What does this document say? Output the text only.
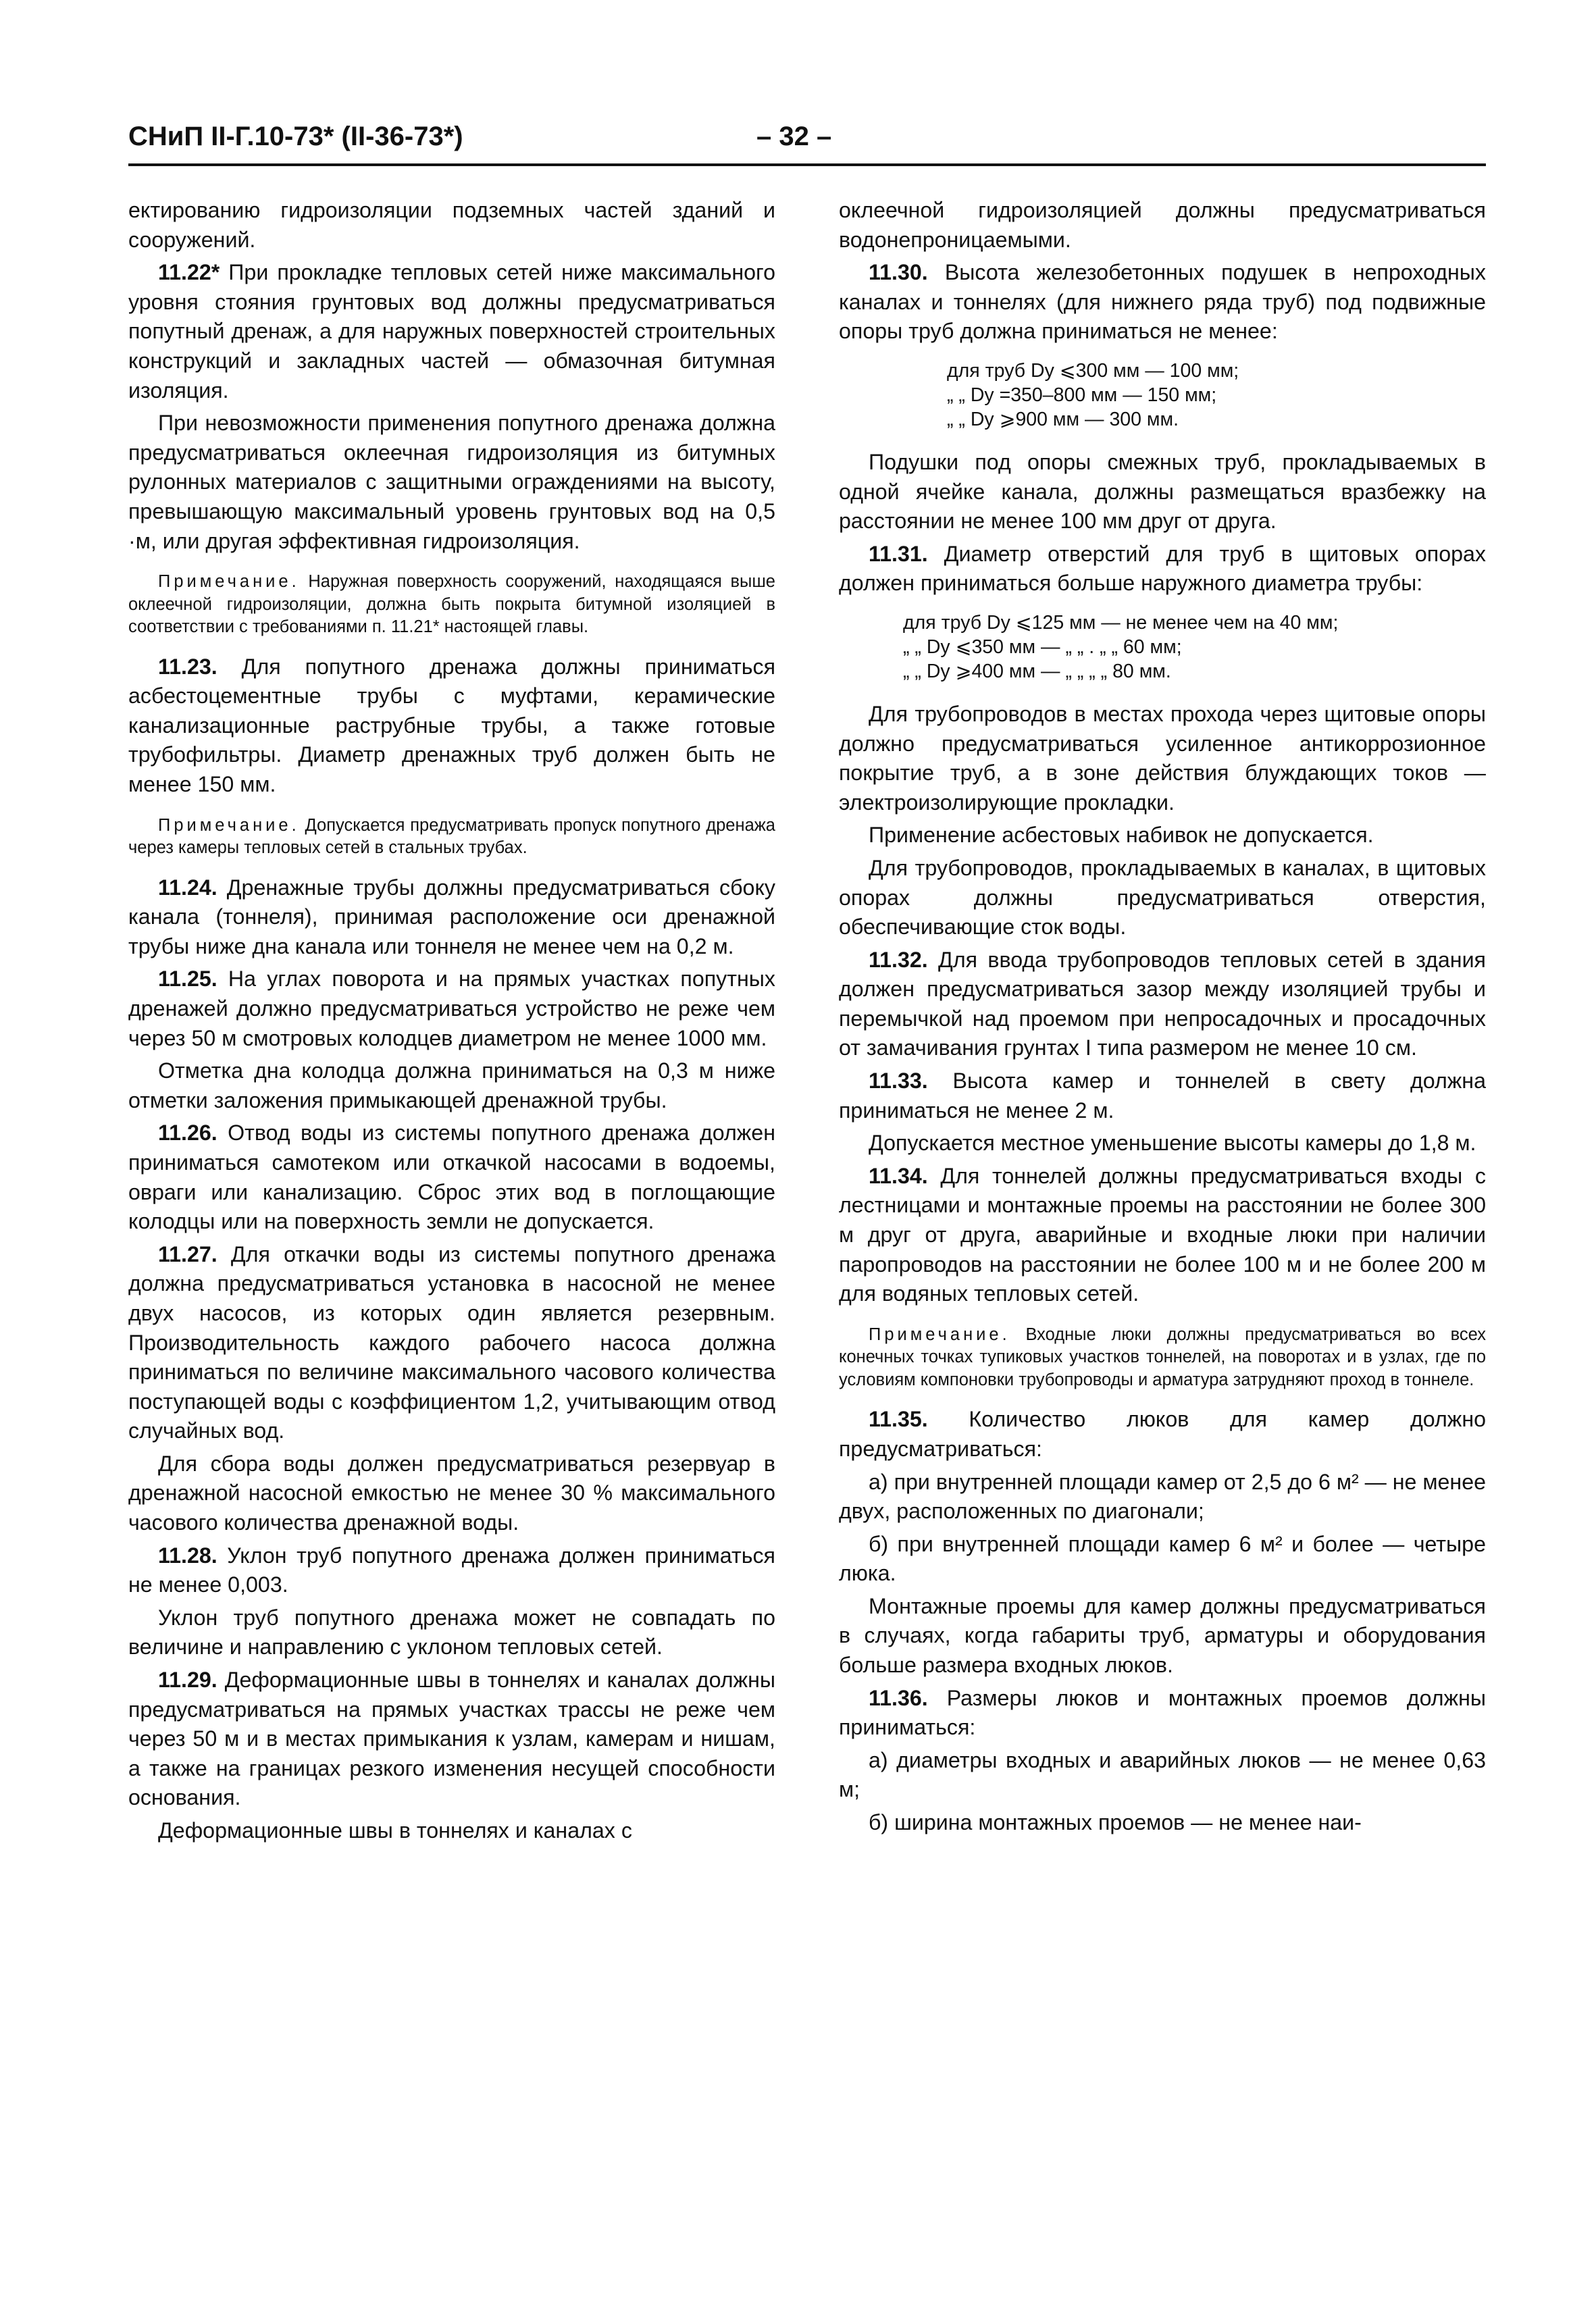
СНиП II-Г.10-73* (II-36-73*)	– 32 –

ектированию гидроизоляции подземных частей зданий и сооружений.

11.22* При прокладке тепловых сетей ниже максимального уровня стояния грунтовых вод должны предусматриваться попутный дренаж, а для наружных поверхностей строительных конструкций и закладных частей — обмазочная битумная изоляция.

При невозможности применения попутного дренажа должна предусматриваться оклеечная гидроизоляция из битумных рулонных материалов с защитными ограждениями на высоту, превышающую максимальный уровень грунтовых вод на 0,5 ·м, или другая эффективная гидроизоляция.

Примечание. Наружная поверхность сооружений, находящаяся выше оклеечной гидроизоляции, должна быть покрыта битумной изоляцией в соответствии с требованиями п. 11.21* настоящей главы.

11.23. Для попутного дренажа должны приниматься асбестоцементные трубы с муфтами, керамические канализационные раструбные трубы, а также готовые трубофильтры. Диаметр дренажных труб должен быть не менее 150 мм.

Примечание. Допускается предусматривать пропуск попутного дренажа через камеры тепловых сетей в стальных трубах.

11.24. Дренажные трубы должны предусматриваться сбоку канала (тоннеля), принимая расположение оси дренажной трубы ниже дна канала или тоннеля не менее чем на 0,2 м.

11.25. На углах поворота и на прямых участках попутных дренажей должно предусматриваться устройство не реже чем через 50 м смотровых колодцев диаметром не менее 1000 мм.

Отметка дна колодца должна приниматься на 0,3 м ниже отметки заложения примыкающей дренажной трубы.

11.26. Отвод воды из системы попутного дренажа должен приниматься самотеком или откачкой насосами в водоемы, овраги или канализацию. Сброс этих вод в поглощающие колодцы или на поверхность земли не допускается.

11.27. Для откачки воды из системы попутного дренажа должна предусматриваться установка в насосной не менее двух насосов, из которых один является резервным. Производительность каждого рабочего насоса должна приниматься по величине максимального часового количества поступающей воды с коэффициентом 1,2, учитывающим отвод случайных вод.

Для сбора воды должен предусматриваться резервуар в дренажной насосной емкостью не менее 30 % максимального часового количества дренажной воды.

11.28. Уклон труб попутного дренажа должен приниматься не менее 0,003.

Уклон труб попутного дренажа может не совпадать по величине и направлению с уклоном тепловых сетей.

11.29. Деформационные швы в тоннелях и каналах должны предусматриваться на прямых участках трассы не реже чем через 50 м и в местах примыкания к узлам, камерам и нишам, а также на границах резкого изменения несущей способности основания.

Деформационные швы в тоннелях и каналах с

оклеечной гидроизоляцией должны предусматриваться водонепроницаемыми.

11.30. Высота железобетонных подушек в непроходных каналах и тоннелях (для нижнего ряда труб) под подвижные опоры труб должна приниматься не менее:

для труб Dу ⩽300 мм — 100 мм;
„ „ Dу =350–800 мм — 150 мм;
„ „ Dу ⩾900 мм — 300 мм.

Подушки под опоры смежных труб, прокладываемых в одной ячейке канала, должны размещаться вразбежку на расстоянии не менее 100 мм друг от друга.

11.31. Диаметр отверстий для труб в щитовых опорах должен приниматься больше наружного диаметра трубы:

для труб Dу ⩽125 мм — не менее чем на 40 мм;
„ „ Dу ⩽350 мм — „ „ . „ „ 60 мм;
„ „ Dу ⩾400 мм — „ „ „ „ 80 мм.

Для трубопроводов в местах прохода через щитовые опоры должно предусматриваться усиленное антикоррозионное покрытие труб, а в зоне действия блуждающих токов — электроизолирующие прокладки.

Применение асбестовых набивок не допускается.

Для трубопроводов, прокладываемых в каналах, в щитовых опорах должны предусматриваться отверстия, обеспечивающие сток воды.

11.32. Для ввода трубопроводов тепловых сетей в здания должен предусматриваться зазор между изоляцией трубы и перемычкой над проемом при непросадочных и просадочных от замачивания грунтах I типа размером не менее 10 см.

11.33. Высота камер и тоннелей в свету должна приниматься не менее 2 м.

Допускается местное уменьшение высоты камеры до 1,8 м.

11.34. Для тоннелей должны предусматриваться входы с лестницами и монтажные проемы на расстоянии не более 300 м друг от друга, аварийные и входные люки при наличии паропроводов на расстоянии не более 100 м и не более 200 м для водяных тепловых сетей.

Примечание. Входные люки должны предусматриваться во всех конечных точках тупиковых участков тоннелей, на поворотах и в узлах, где по условиям компоновки трубопроводы и арматура затрудняют проход в тоннеле.

11.35. Количество люков для камер должно предусматриваться:

а) при внутренней площади камер от 2,5 до 6 м² — не менее двух, расположенных по диагонали;

б) при внутренней площади камер 6 м² и более — четыре люка.

Монтажные проемы для камер должны предусматриваться в случаях, когда габариты труб, арматуры и оборудования больше размера входных люков.

11.36. Размеры люков и монтажных проемов должны приниматься:

а) диаметры входных и аварийных люков — не менее 0,63 м;

б) ширина монтажных проемов — не менее наи-
